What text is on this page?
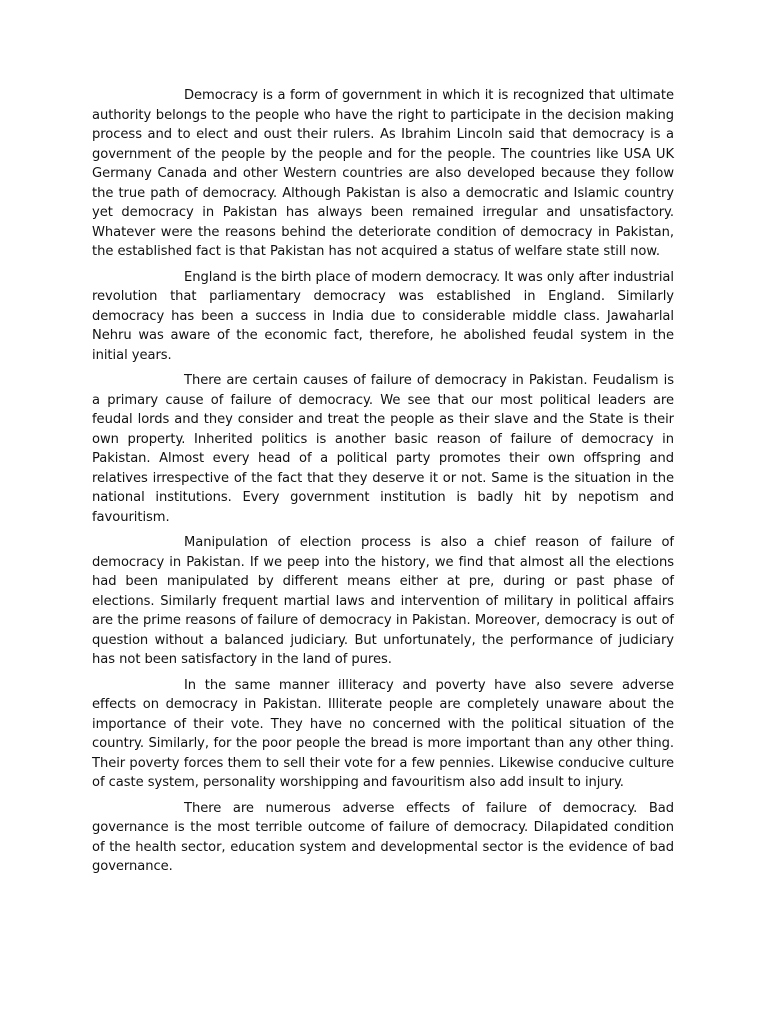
Democracy is a form of government in which it is recognized that ultimate authority belongs to the people who have the right to participate in the decision making process and to elect and oust their rulers. As Ibrahim Lincoln said that democracy is a government of the people by the people and for the people. The countries like USA UK Germany Canada and other Western countries are also developed because they follow the true path of democracy. Although Pakistan is also a democratic and Islamic country yet democracy in Pakistan has always been remained irregular and unsatisfactory. Whatever were the reasons behind the deteriorate condition of democracy in Pakistan, the established fact is that Pakistan has not acquired a status of welfare state still now.

England is the birth place of modern democracy. It was only after industrial revolution that parliamentary democracy was established in England. Similarly democracy has been a success in India due to considerable middle class. Jawaharlal Nehru was aware of the economic fact, therefore, he abolished feudal system in the initial years.

There are certain causes of failure of democracy in Pakistan. Feudalism is a primary cause of failure of democracy. We see that our most political leaders are feudal lords and they consider and treat the people as their slave and the State is their own property. Inherited politics is another basic reason of failure of democracy in Pakistan. Almost every head of a political party promotes their own offspring and relatives irrespective of the fact that they deserve it or not. Same is the situation in the national institutions. Every government institution is badly hit by nepotism and favouritism.

Manipulation of election process is also a chief reason of failure of democracy in Pakistan. If we peep into the history, we find that almost all the elections had been manipulated by different means either at pre, during or past phase of elections. Similarly frequent martial laws and intervention of military in political affairs are the prime reasons of failure of democracy in Pakistan. Moreover, democracy is out of question without a balanced judiciary. But unfortunately, the performance of judiciary has not been satisfactory in the land of pures.

In the same manner illiteracy and poverty have also severe adverse effects on democracy in Pakistan. Illiterate people are completely unaware about the importance of their vote. They have no concerned with the political situation of the country. Similarly, for the poor people the bread is more important than any other thing. Their poverty forces them to sell their vote for a few pennies. Likewise conducive culture of caste system, personality worshipping and favouritism also add insult to injury.

There are numerous adverse effects of failure of democracy. Bad governance is the most terrible outcome of failure of democracy. Dilapidated condition of the health sector, education system and developmental sector is the evidence of bad governance.
